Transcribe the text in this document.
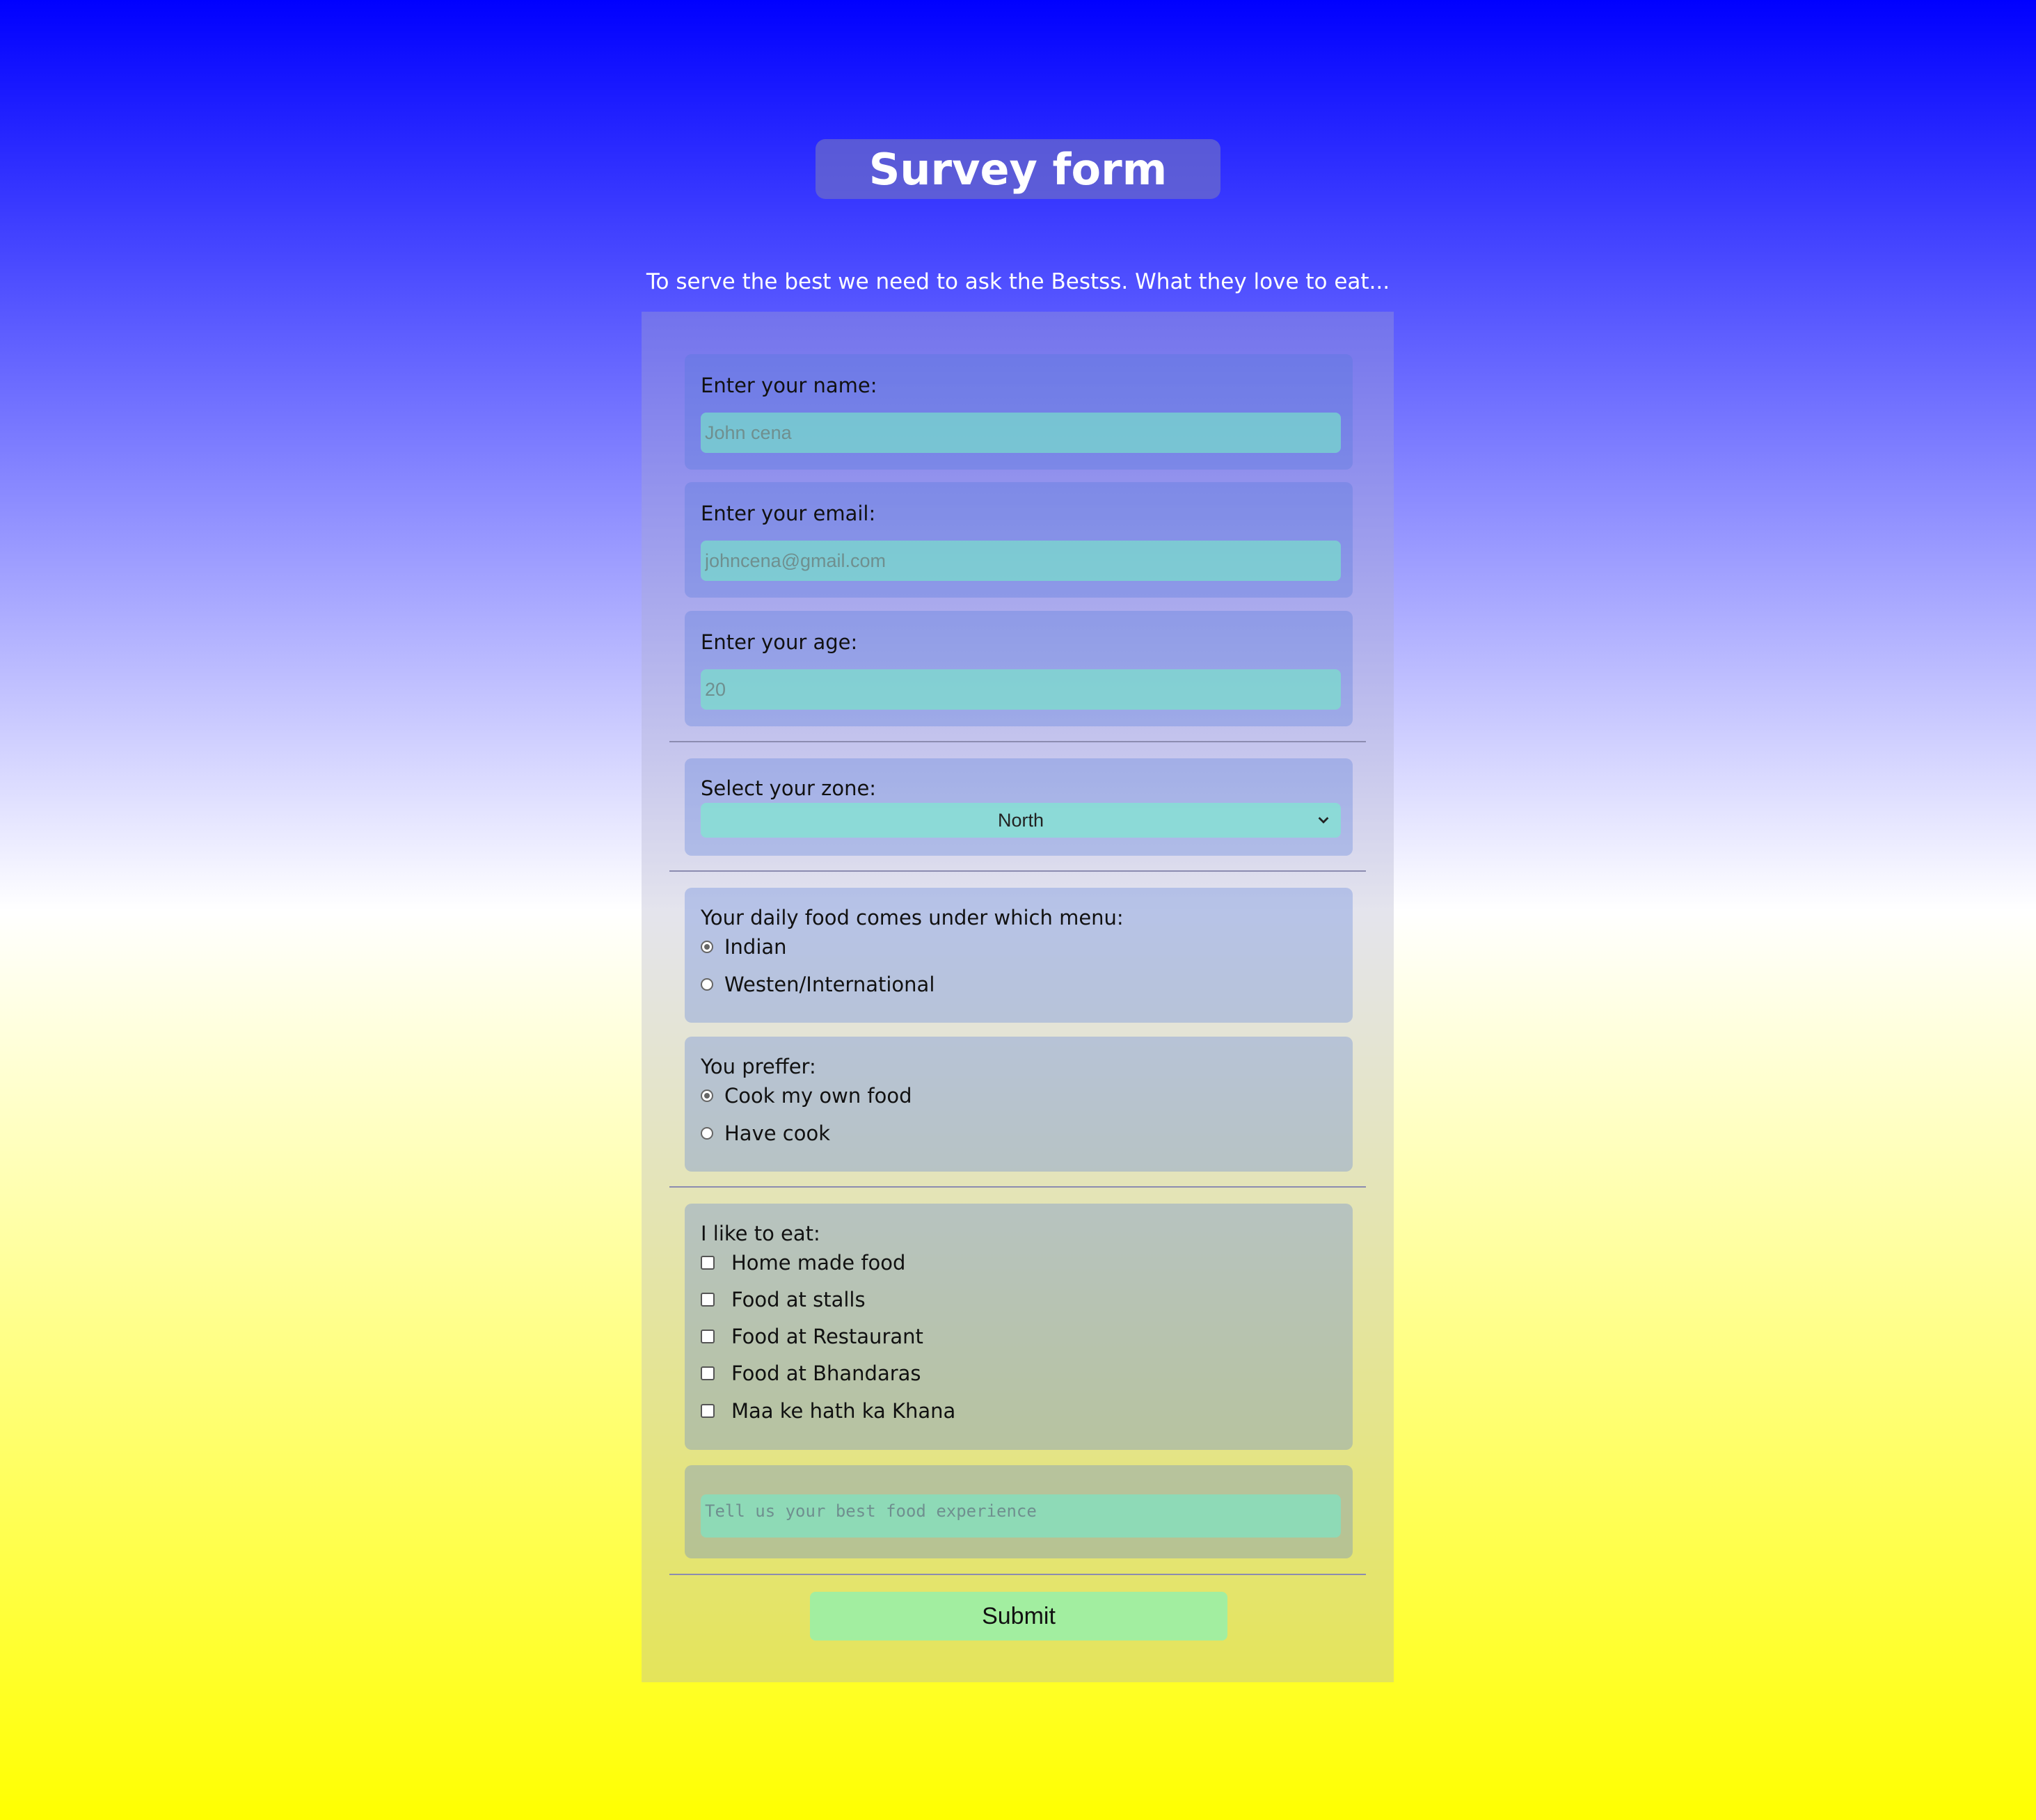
Survey form
To serve the best we need to ask the Bestss. What they love to eat...
Enter your name:
John cena
Enter your email:
johncena@gmail.com
Enter your age:
20
Select your zone:
North
Your daily food comes under which menu:
Indian
Westen/International
You preffer:
Cook my own food
Have cook
I like to eat:
Home made food
Food at stalls
Food at Restaurant
Food at Bhandaras
Maa ke hath ka Khana
Tell us your best food experience
Submit
